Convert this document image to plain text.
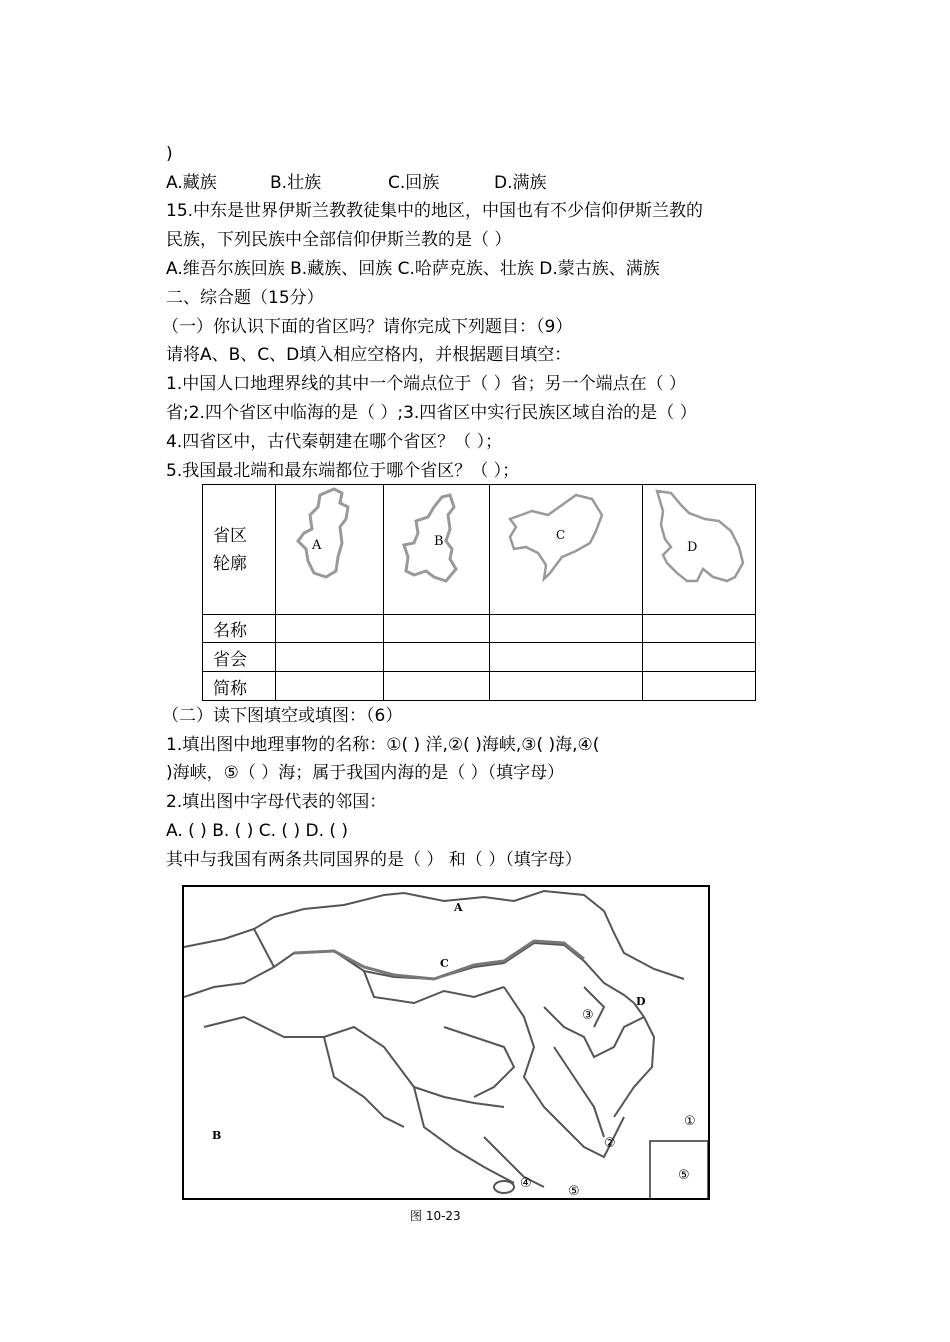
)
A.藏族	B.壮族	C.回族	D.满族
15.中东是世界伊斯兰教教徒集中的地区，中国也有不少信仰伊斯兰教的
民族，下列民族中全部信仰伊斯兰教的是（ ）
A.维吾尔族回族 B.藏族、回族 C.哈萨克族、壮族 D.蒙古族、满族
二、综合题（15分）
（一）你认识下面的省区吗？请你完成下列题目：（9）
请将A、B、C、D填入相应空格内，并根据题目填空：
1.中国人口地理界线的其中一个端点位于（ ）省；另一个端点在（ ）
省;2.四个省区中临海的是（ ）;3.四省区中实行民族区域自治的是（ ）
4.四省区中，古代秦朝建在哪个省区？（ ）；
5.我国最北端和最东端都位于哪个省区？（ ）；
省区
轮廓	A	B	C	D

名称				
省会				
简称				
（二）读下图填空或填图：（6）
1.填出图中地理事物的名称：①( ) 洋,②( )海峡,③( )海,④(
)海峡，⑤（ ）海；属于我国内海的是（ ）（填字母）
2.填出图中字母代表的邻国：
A. ( ) B. ( ) C. ( ) D. ( )
其中与我国有两条共同国界的是（ ） 和（ ）（填字母）
A
B
C
D
①
②
③
④
⑤
⑤
图 10-23
